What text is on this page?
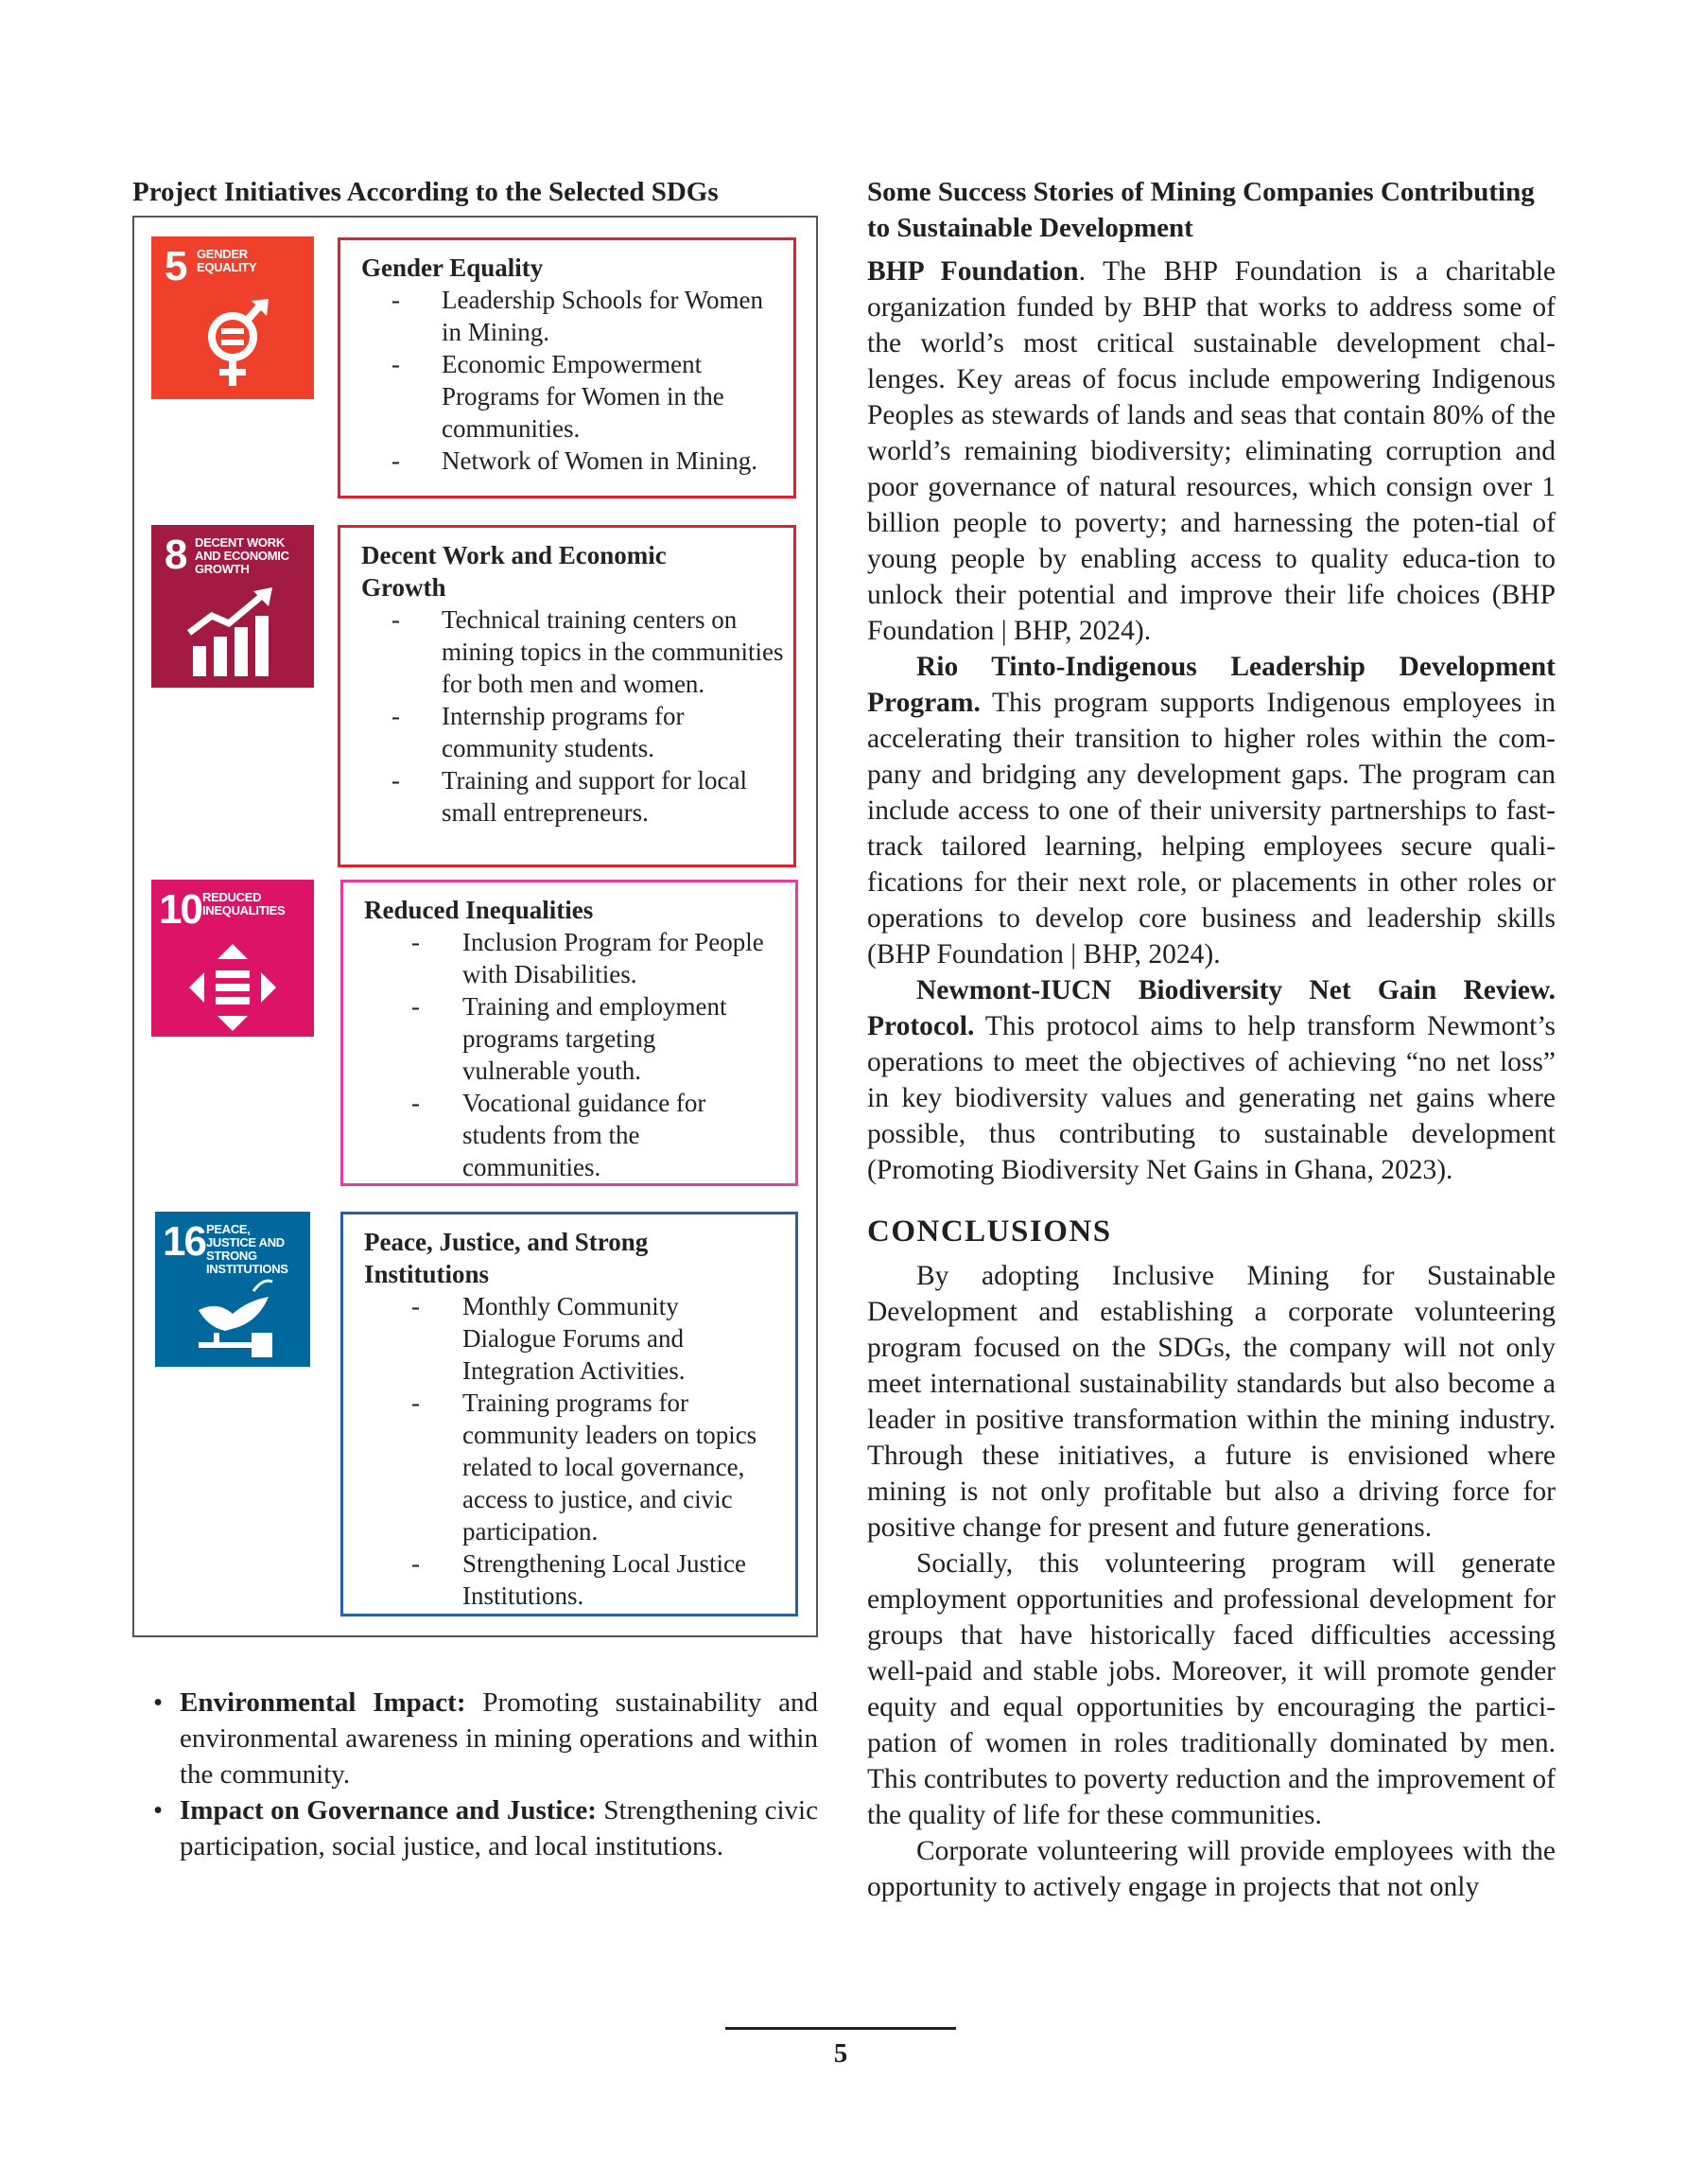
Project Initiatives According to the Selected SDGs
5 GENDER EQUALITY	Gender Equality

- Leadership Schools for Women in Mining.
- Economic Empowerment Programs for Women in the communities.
- Network of Women in Mining.
8 DECENT WORK AND ECONOMIC GROWTH	Decent Work and Economic Growth

- Technical training centers on mining topics in the communities for both men and women.
- Internship programs for community students.
- Training and support for local small entrepreneurs.
10 REDUCED INEQUALITIES	Reduced Inequalities

- Inclusion Program for People with Disabilities.
- Training and employment programs targeting vulnerable youth.
- Vocational guidance for students from the communities.
16 PEACE, JUSTICE AND STRONG INSTITUTIONS

Peace, Justice, and Strong Institutions

- Monthly Community Dialogue Forums and Integration Activities.
- Training programs for community leaders on topics related to local governance, access to justice, and civic participation.
- Strengthening Local Justice Institutions.

• Environmental Impact: Promoting sustainability and environmental awareness in mining operations and within the community.

• Impact on Governance and Justice: Strengthening civic participation, social justice, and local institutions.

Some Success Stories of Mining Companies Contributing to Sustainable Development

BHP Foundation. The BHP Foundation is a charitable organization funded by BHP that works to address some of the world’s most critical sustainable development chal-lenges. Key areas of focus include empowering Indigenous Peoples as stewards of lands and seas that contain 80% of the world’s remaining biodiversity; eliminating corruption and poor governance of natural resources, which consign over 1 billion people to poverty; and harnessing the poten-tial of young people by enabling access to quality educa-tion to unlock their potential and improve their life choices (BHP Foundation | BHP, 2024).

Rio Tinto-Indigenous Leadership Development Program. This program supports Indigenous employees in accelerating their transition to higher roles within the com-pany and bridging any development gaps. The program can include access to one of their university partnerships to fast-track tailored learning, helping employees secure quali-fications for their next role, or placements in other roles or operations to develop core business and leadership skills (BHP Foundation | BHP, 2024).

Newmont-IUCN Biodiversity Net Gain Review. Protocol. This protocol aims to help transform Newmont’s operations to meet the objectives of achieving “no net loss” in key biodiversity values and generating net gains where possible, thus contributing to sustainable development (Promoting Biodiversity Net Gains in Ghana, 2023).

CONCLUSIONS

By adopting Inclusive Mining for Sustainable Development and establishing a corporate volunteering program focused on the SDGs, the company will not only meet international sustainability standards but also become a leader in positive transformation within the mining industry. Through these initiatives, a future is envisioned where mining is not only profitable but also a driving force for positive change for present and future generations.

Socially, this volunteering program will generate employment opportunities and professional development for groups that have historically faced difficulties accessing well-paid and stable jobs. Moreover, it will promote gender equity and equal opportunities by encouraging the partici-pation of women in roles traditionally dominated by men. This contributes to poverty reduction and the improvement of the quality of life for these communities.

Corporate volunteering will provide employees with the opportunity to actively engage in projects that not only

5
